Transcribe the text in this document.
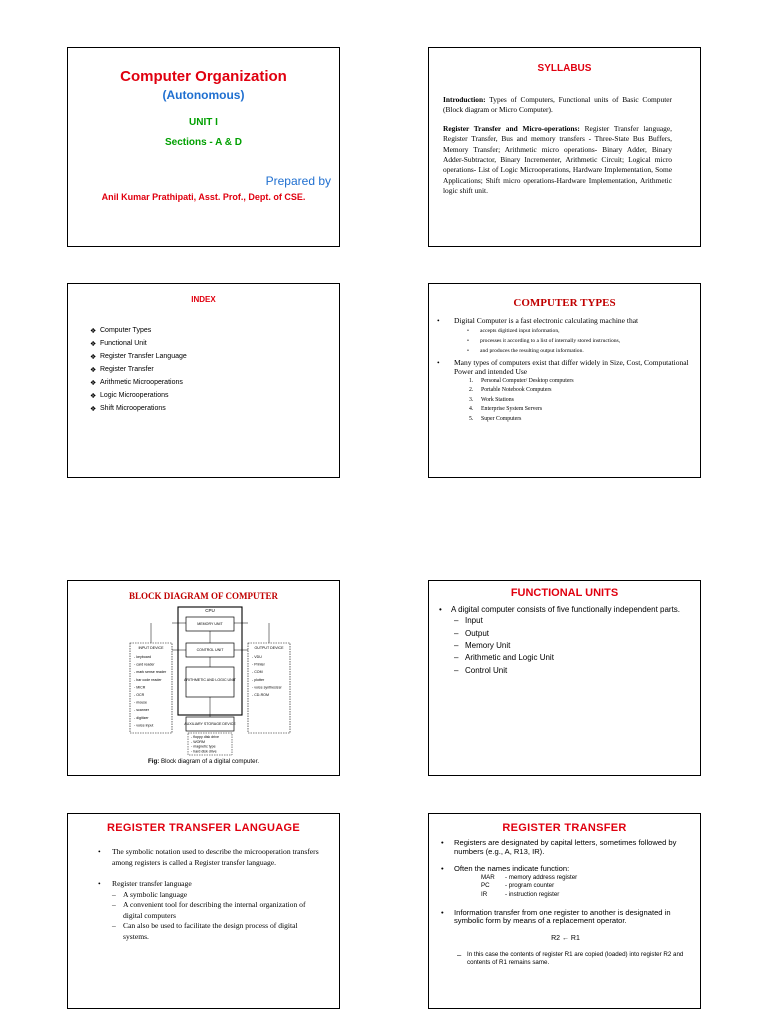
Computer Organization
(Autonomous)
UNIT I
Sections - A & D
Prepared by
Anil Kumar Prathipati, Asst. Prof., Dept. of CSE.
SYLLABUS

Introduction: Types of Computers, Functional units of Basic Computer (Block diagram or Micro Computer).

Register Transfer and Micro-operations: Register Transfer language, Register Transfer, Bus and memory transfers - Three-State Bus Buffers, Memory Transfer; Arithmetic micro operations- Binary Adder, Binary Adder-Subtractor, Binary Incrementer, Arithmetic Circuit; Logical micro operations- List of Logic Microoperations, Hardware Implementation, Some Applications; Shift micro operations-Hardware Implementation, Arithmetic logic shift unit.

INDEX
❖ Computer Types
❖ Functional Unit
❖ Register Transfer Language
❖ Register Transfer
❖ Arithmetic Microoperations
❖ Logic Microoperations
❖ Shift Microoperations
COMPUTER TYPES
•	Digital Computer is a fast electronic calculating machine that
•	accepts digitized input information,
•	processes it according to a list of internally stored instructions,
•	and produces the resulting output information.
•	Many types of computers exist that differ widely in Size, Cost, Computational Power and intended Use
1.	Personal Computer/ Desktop computers
2.	Portable Notebook Computers
3.	Work Stations
4.	Enterprise System Servers
5.	Super Computers
BLOCK DIAGRAM OF COMPUTER
CPU
MEMORY UNIT
CONTROL UNIT
ARITHMETIC AND LOGIC UNIT
INPUT DEVICE
- keyboard
- card reader
- mark sense reader
- bar code reader
- MICR
- OCR
- mouse
- scanner
- digitizer
- voice input
OUTPUT DEVICE
- VDU
- Printer
- COM
- plotter
- voice synthesizer
- CD-ROM
AUXILIARY STORAGE DEVICE
- floppy disk drive
- WORM
- magnetic type
- hard disk drive
Fig: Block diagram of a digital computer.
FUNCTIONAL UNITS
•	A digital computer consists of five functionally independent parts.
– Input
– Output
– Memory Unit
– Arithmetic and Logic Unit
– Control Unit
REGISTER TRANSFER LANGUAGE
•	The symbolic notation used to describe the microoperation transfers among registers is called a Register transfer language.
•	Register transfer language
– A symbolic language
– A convenient tool for describing the internal organization of digital computers
– Can also be used to facilitate the design process of digital systems.
REGISTER TRANSFER
•	Registers are designated by capital letters, sometimes followed by numbers (e.g., A, R13, IR).
•	Often the names indicate function:
MAR	- memory address register
PC	- program counter
IR	- instruction register
•	Information transfer from one register to another is designated in symbolic form by means of a replacement operator.
R2 ← R1
– In this case the contents of register R1 are copied (loaded) into register R2 and contents of R1 remains same.
